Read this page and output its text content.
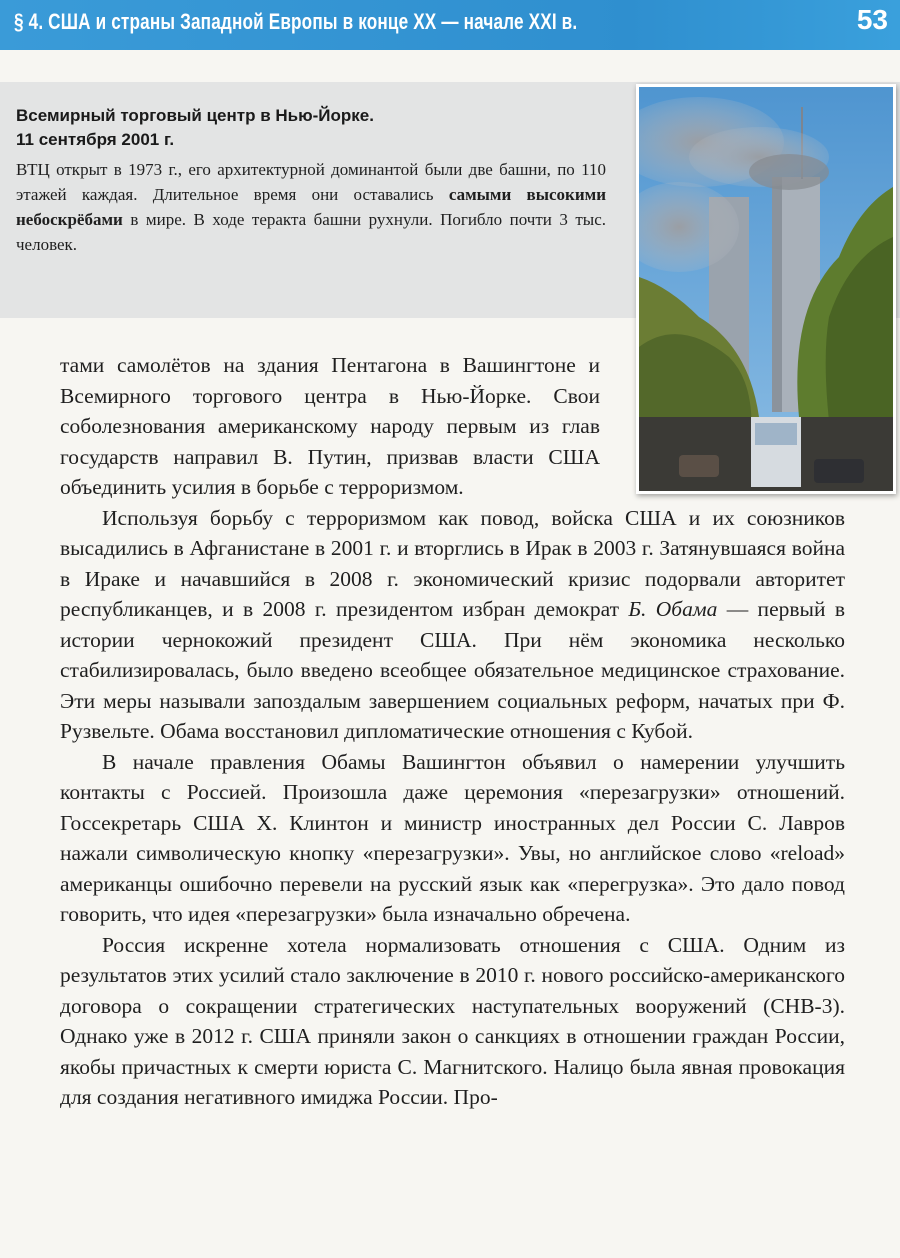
§ 4. США и страны Западной Европы в конце XX — начале XXI в.	53
Всемирный торговый центр в Нью-Йорке.
11 сентября 2001 г.
ВТЦ открыт в 1973 г., его архитектурной доминантой были две башни, по 110 этажей каждая. Длительное время они оставались самыми высокими небоскрёбами в мире. В ходе теракта башни рухнули. Погибло почти 3 тыс. человек.

тами самолётов на здания Пентагона в Вашингтоне и Всемирного торгового центра в Нью-Йорке. Свои соболезнования американскому народу первым из глав государств направил В. Путин, призвав власти США объединить усилия в борьбе с терроризмом.

Используя борьбу с терроризмом как повод, войска США и их союзников высадились в Афганистане в 2001 г. и вторглись в Ирак в 2003 г. Затянувшаяся война в Ираке и начавшийся в 2008 г. экономический кризис подорвали авторитет республиканцев, и в 2008 г. президентом избран демократ Б. Обама — первый в истории чернокожий президент США. При нём экономика несколько стабилизировалась, было введено всеобщее обязательное медицинское страхование. Эти меры называли запоздалым завершением социальных реформ, начатых при Ф. Рузвельте. Обама восстановил дипломатические отношения с Кубой.

В начале правления Обамы Вашингтон объявил о намерении улучшить контакты с Россией. Произошла даже церемония «перезагрузки» отношений. Госсекретарь США Х. Клинтон и министр иностранных дел России С. Лавров нажали символическую кнопку «перезагрузки». Увы, но английское слово «reload» американцы ошибочно перевели на русский язык как «перегрузка». Это дало повод говорить, что идея «перезагрузки» была изначально обречена.

Россия искренне хотела нормализовать отношения с США. Одним из результатов этих усилий стало заключение в 2010 г. нового российско-американского договора о сокращении стратегических наступательных вооружений (СНВ-3). Однако уже в 2012 г. США приняли закон о санкциях в отношении граждан России, якобы причастных к смерти юриста С. Магнитского. Налицо была явная провокация для создания негативного имиджа России. Про-
